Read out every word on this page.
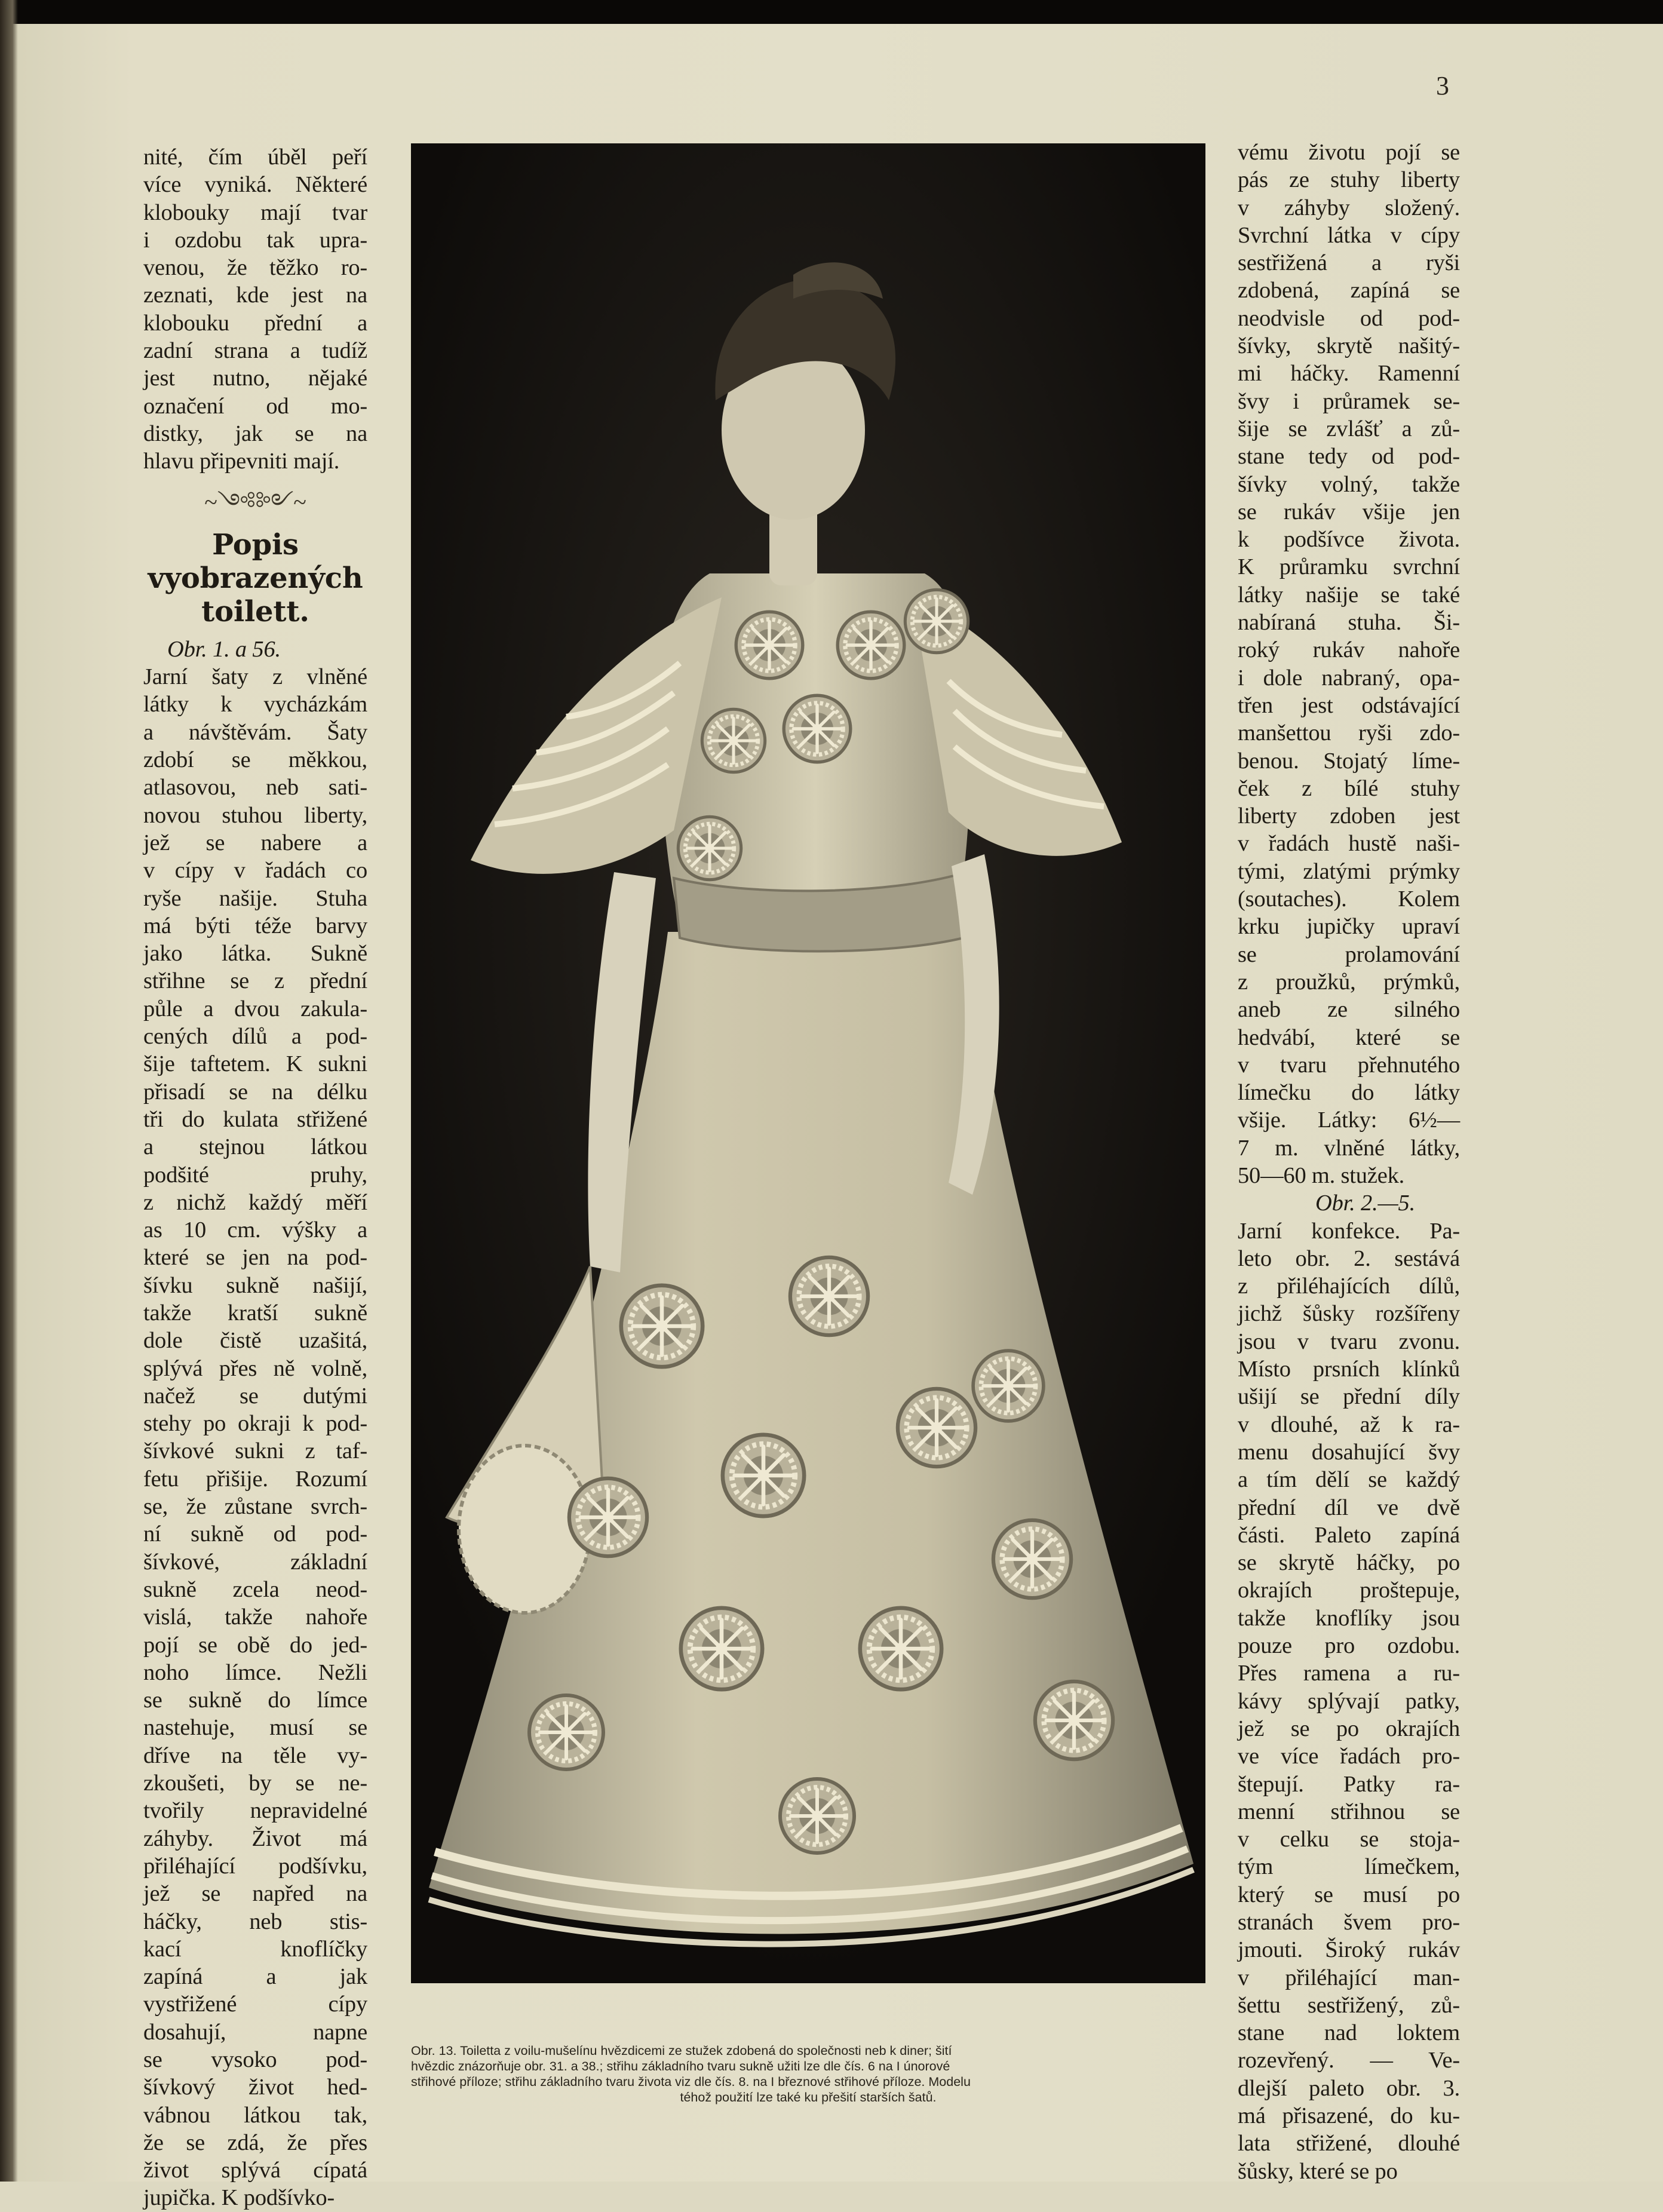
3

nité, čím úběl peří
více vyniká. Některé
klobouky mají tvar
i ozdobu tak upra-
venou, že těžko ro-
zeznati, kde jest na
klobouku přední a
zadní strana a tudíž
jest nutno, nějaké
označení od mo-
distky, jak se na
hlavu připevniti mají.

~༺༻~
Popis vyobrazených toilett.
Obr. 1. a 56.

Jarní šaty z vlněné
látky k vycházkám
a návštěvám. Šaty
zdobí se měkkou,
atlasovou, neb sati-
novou stuhou liberty,
jež se nabere a
v cípy v řadách co
ryše našije. Stuha
má býti téže barvy
jako látka. Sukně
střihne se z přední
půle a dvou zakula-
cených dílů a pod-
šije taftetem. K sukni
přisadí se na délku
tři do kulata střižené
a stejnou látkou
podšité pruhy,
z nichž každý měří
as 10 cm. výšky a
které se jen na pod-
šívku sukně našijí,
takže kratší sukně
dole čistě uzašitá,
splývá přes ně volně,
načež se dutými
stehy po okraji k pod-
šívkové sukni z taf-
fetu přišije. Rozumí
se, že zůstane svrch-
ní sukně od pod-
šívkové, základní
sukně zcela neod-
vislá, takže nahoře
pojí se obě do jed-
noho límce. Nežli
se sukně do límce
nastehuje, musí se
dříve na těle vy-
zkoušeti, by se ne-
tvořily nepravidelné
záhyby. Život má
přiléhající podšívku,
jež se napřed na
háčky, neb stis-
kací knoflíčky
zapíná a jak
vystřižené cípy
dosahují, napne
se vysoko pod-
šívkový život hed-
vábnou látkou tak,
že se zdá, že přes
život splývá cípatá
jupička. K podšívko-

Obr. 13. Toiletta z voilu-mušelínu hvězdicemi ze stužek zdobená do společnosti neb k diner; šití
hvězdic znázorňuje obr. 31. a 38.; střihu základního tvaru sukně užiti lze dle čís. 6 na I únorové
střihové příloze; střihu základního tvaru života viz dle čís. 8. na I březnové střihové příloze. Modelu
téhož použití lze také ku přešití starších šatů.

vému životu pojí se
pás ze stuhy liberty
v záhyby složený.
Svrchní látka v cípy
sestřižená a ryši
zdobená, zapíná se
neodvisle od pod-
šívky, skrytě našitý-
mi háčky. Ramenní
švy i průramek se-
šije se zvlášť a zů-
stane tedy od pod-
šívky volný, takže
se rukáv všije jen
k podšívce života.
K průramku svrchní
látky našije se také
nabíraná stuha. Ši-
roký rukáv nahoře
i dole nabraný, opa-
třen jest odstávající
manšettou ryši zdo-
benou. Stojatý líme-
ček z bílé stuhy
liberty zdoben jest
v řadách hustě naši-
tými, zlatými prýmky
(soutaches). Kolem
krku jupičky upraví
se prolamování
z proužků, prýmků,
aneb ze silného
hedvábí, které se
v tvaru přehnutého
límečku do látky
všije. Látky: 6½—
7 m. vlněné látky,
50—60 m. stužek.

Obr. 2.—5.

Jarní konfekce. Pa-
leto obr. 2. sestává
z přiléhajících dílů,
jichž šůsky rozšířeny
jsou v tvaru zvonu.
Místo prsních klínků
ušijí se přední díly
v dlouhé, až k ra-
menu dosahující švy
a tím dělí se každý
přední díl ve dvě
části. Paleto zapíná
se skrytě háčky, po
okrajích proštepuje,
takže knoflíky jsou
pouze pro ozdobu.
Přes ramena a ru-
kávy splývají patky,
jež se po okrajích
ve více řadách pro-
štepují. Patky ra-
menní střihnou se
v celku se stoja-
tým límečkem,
který se musí po
stranách švem pro-
jmouti. Široký rukáv
v přiléhající man-
šettu sestřižený, zů-
stane nad loktem
rozevřený. — Ve-
dlejší paleto obr. 3.
má přisazené, do ku-
lata střižené, dlouhé
šůsky, které se po
